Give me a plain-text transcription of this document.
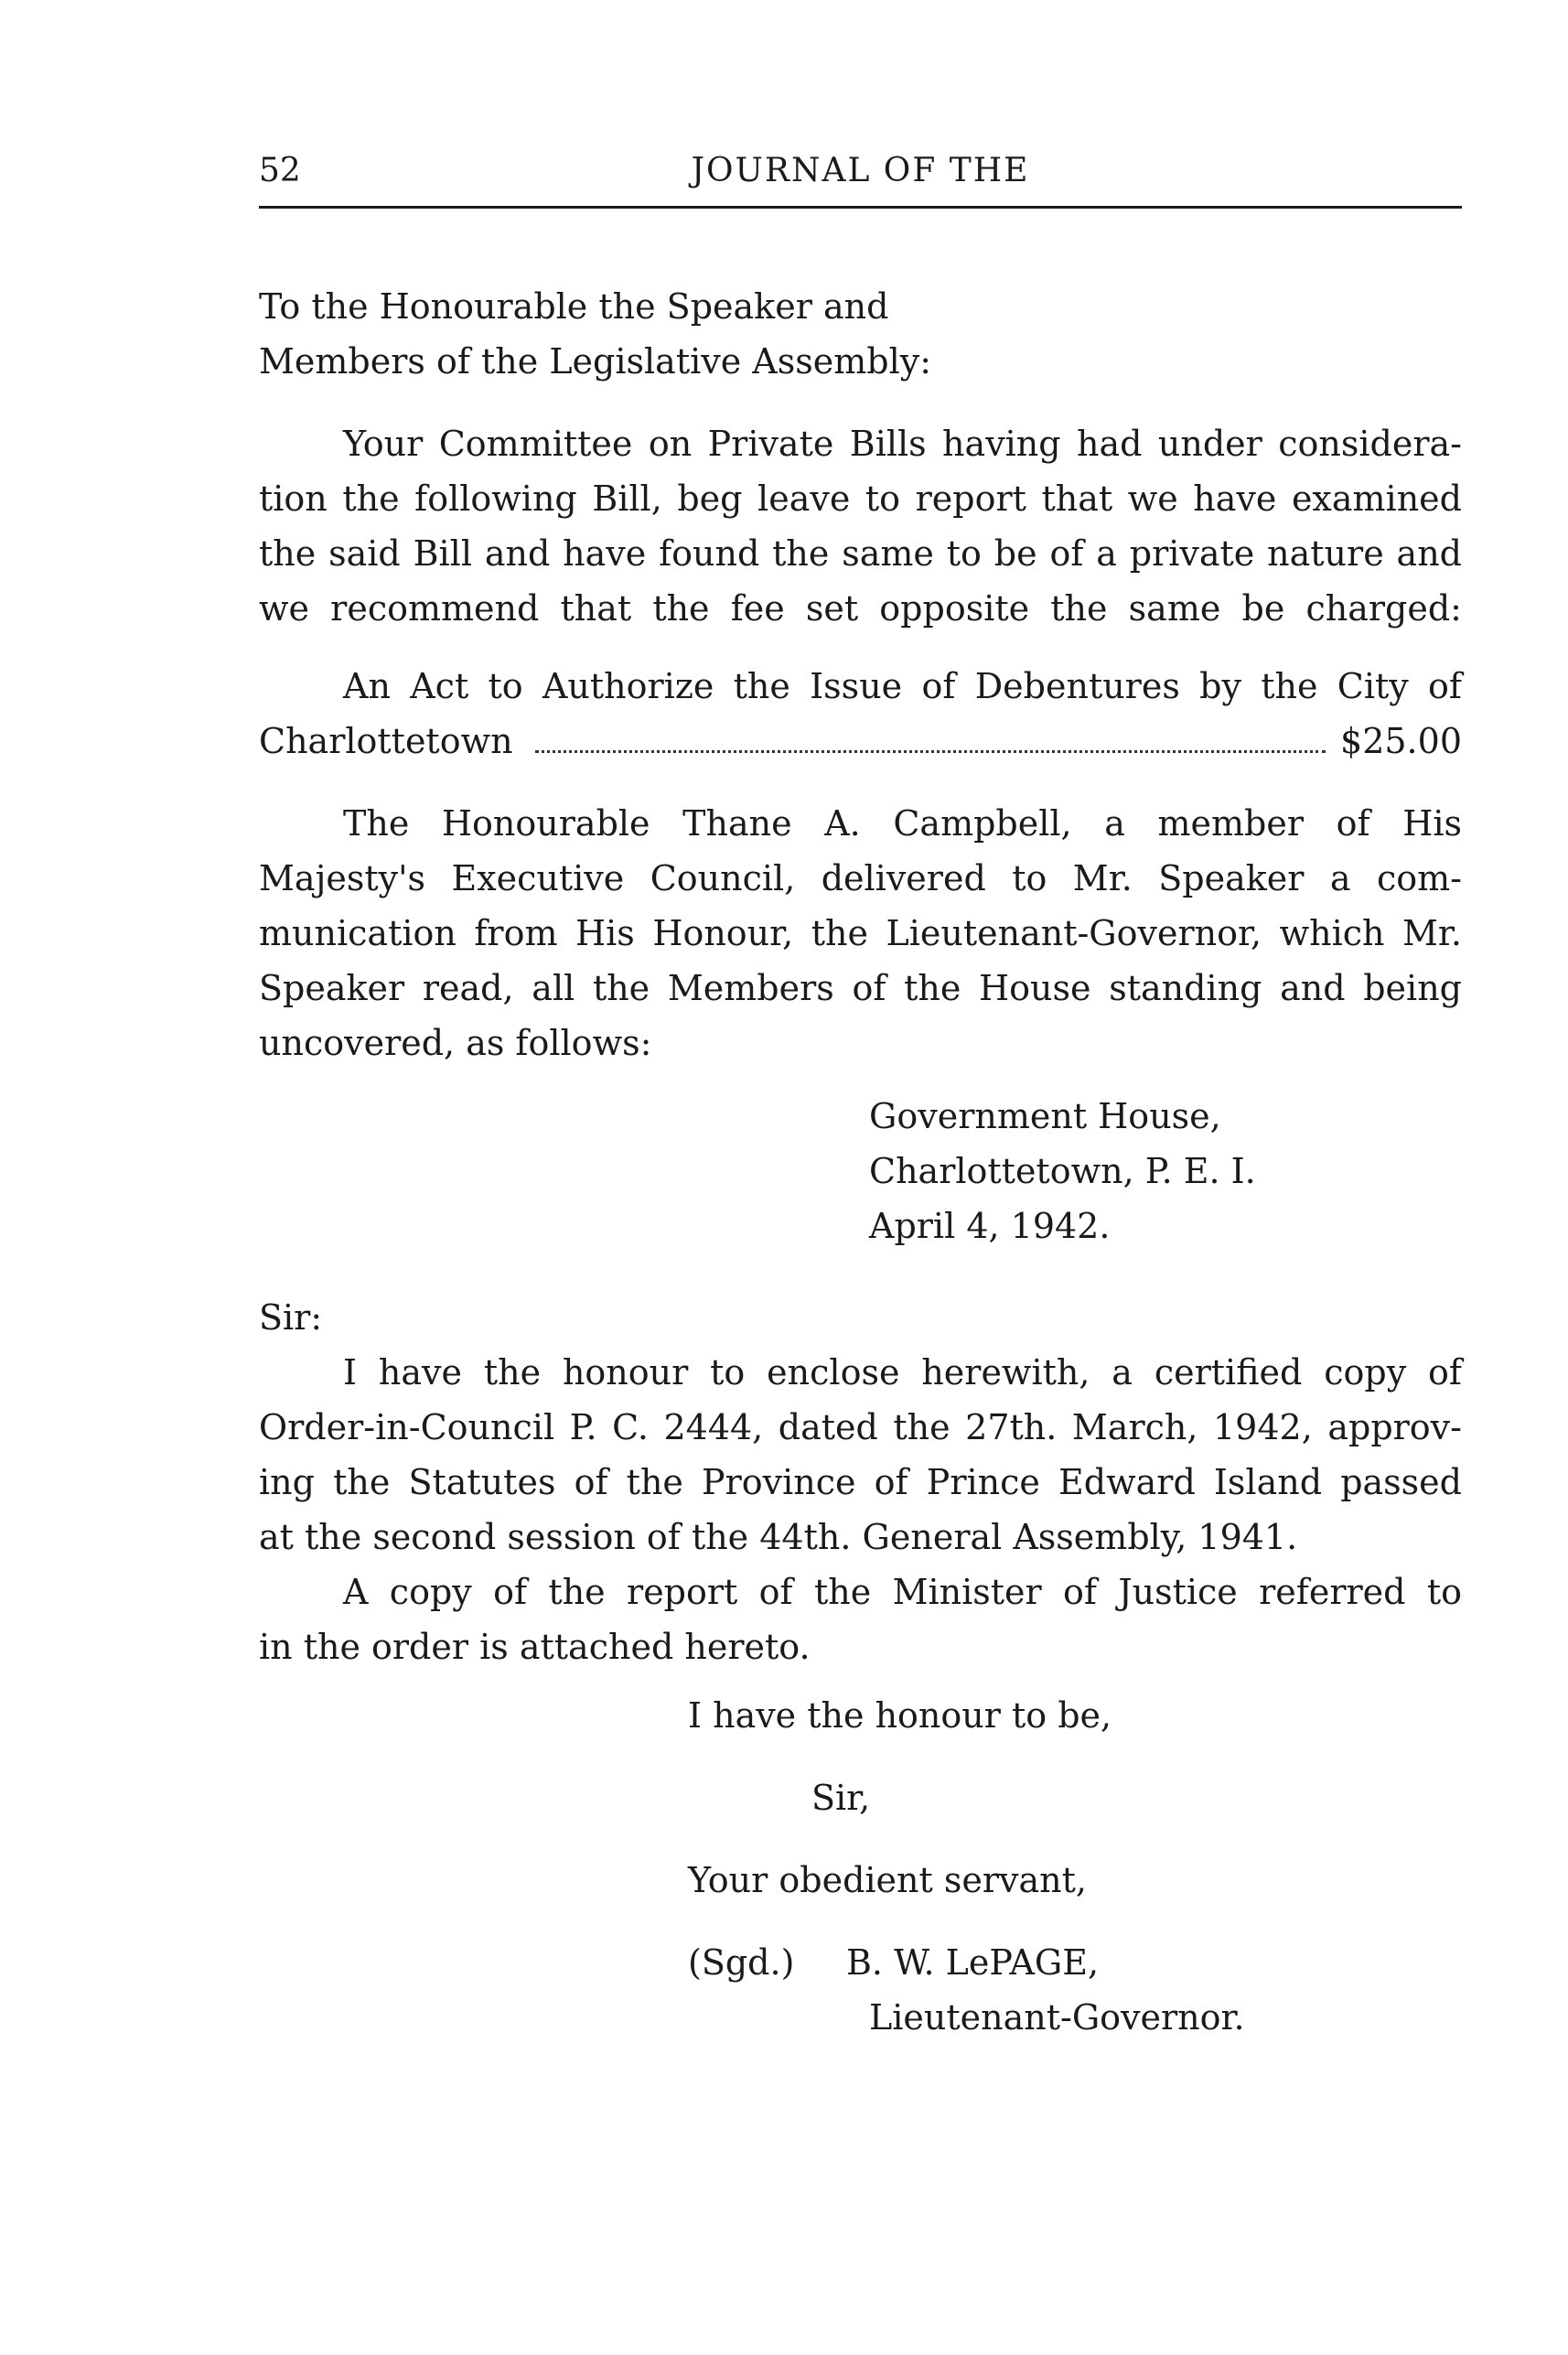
52	JOURNAL OF THE
To the Honourable the Speaker and
Members of the Legislative Assembly:
Your Committee on Private Bills having had under considera-
tion the following Bill, beg leave to report that we have examined
the said Bill and have found the same to be of a private nature and
we recommend that the fee set opposite the same be charged:
An Act to Authorize the Issue of Debentures by the City of
Charlottetown	$25.00
The Honourable Thane A. Campbell, a member of His
Majesty's Executive Council, delivered to Mr. Speaker a com-
munication from His Honour, the Lieutenant-Governor, which Mr.
Speaker read, all the Members of the House standing and being
uncovered, as follows:
Government House,
Charlottetown, P. E. I.
April 4, 1942.
Sir:
I have the honour to enclose herewith, a certified copy of
Order-in-Council P. C. 2444, dated the 27th. March, 1942, approv-
ing the Statutes of the Province of Prince Edward Island passed
at the second session of the 44th. General Assembly, 1941.
A copy of the report of the Minister of Justice referred to
in the order is attached hereto.
I have the honour to be,
Sir,
Your obedient servant,
(Sgd.) B. W. LePAGE,
Lieutenant-Governor.
